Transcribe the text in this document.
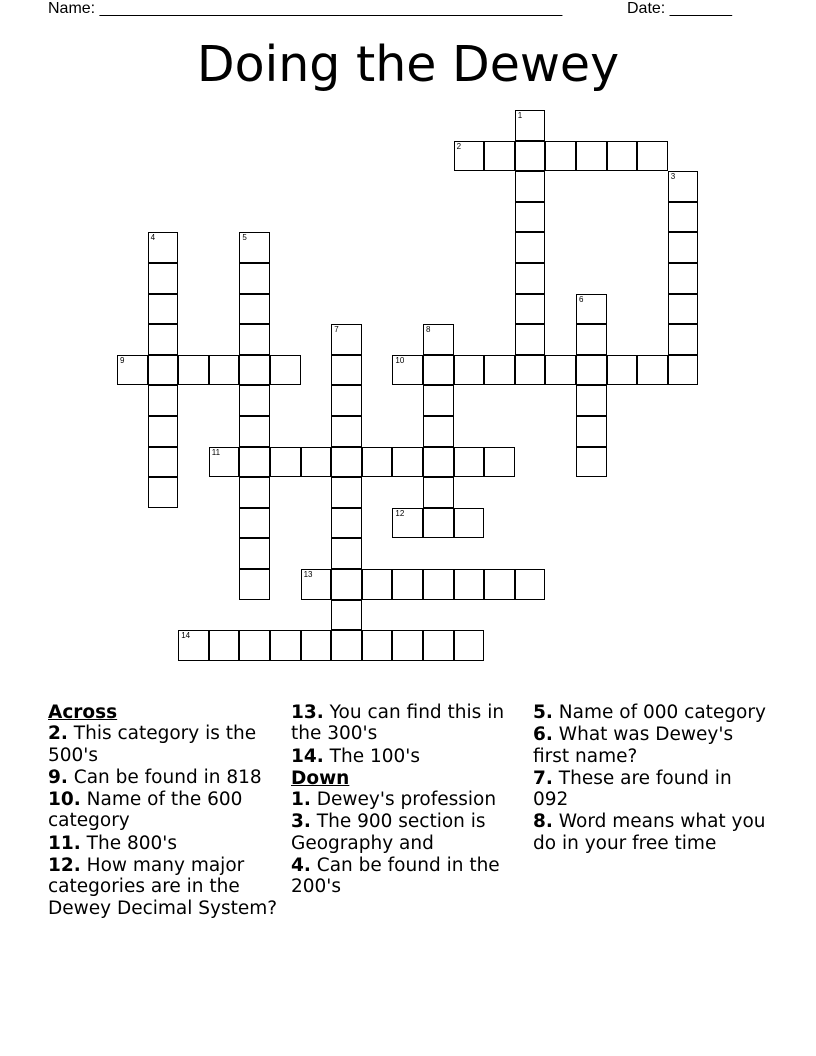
Name: ____________________________________________________	Date: _______
Doing the Dewey
1
2
3
4	5
6
7	8
9	10
11
12
13
14
Across
2. This category is the 500's
9. Can be found in 818
10. Name of the 600 category
11. The 800's
12. How many major categories are in the Dewey Decimal System?
13. You can find this in the 300's
14. The 100's
Down
1. Dewey's profession
3. The 900 section is Geography and
4. Can be found in the 200's
5. Name of 000 category
6. What was Dewey's first name?
7. These are found in 092
8. Word means what you do in your free time
